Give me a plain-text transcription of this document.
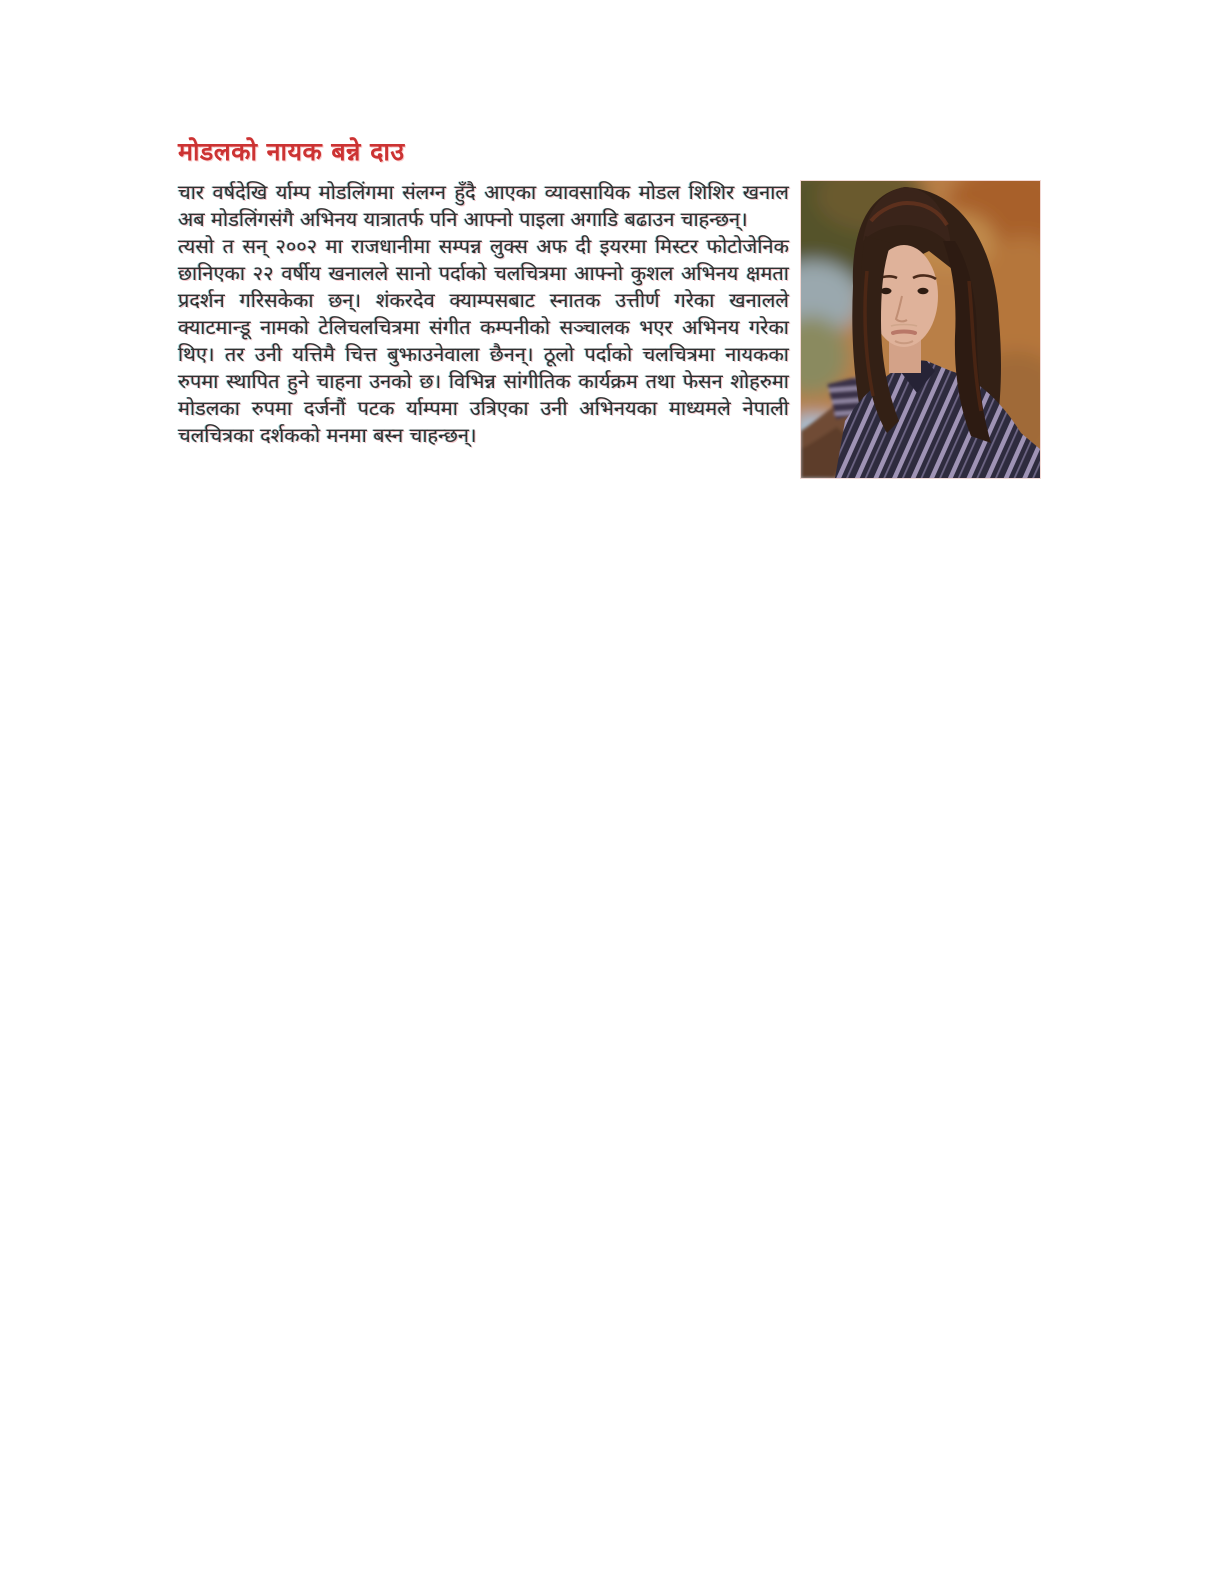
मोडलको नायक बन्ने दाउ

चार वर्षदेखि र्याम्प मोडलिंगमा संलग्न हुँदै आएका व्यावसायिक मोडल शिशिर खनाल अब मोडलिंगसंगै अभिनय यात्रातर्फ पनि आफ्नो पाइला अगाडि बढाउन चाहन्छन्।

त्यसो त सन् २००२ मा राजधानीमा सम्पन्न लुक्स अफ दी इयरमा मिस्टर फोटोजेनिक छानिएका २२ वर्षीय खनालले सानो पर्दाको चलचित्रमा आफ्नो कुशल अभिनय क्षमता प्रदर्शन गरिसकेका छन्। शंकरदेव क्याम्पसबाट स्नातक उत्तीर्ण गरेका खनालले क्याटमान्डू नामको टेलिचलचित्रमा संगीत कम्पनीको सञ्चालक भएर अभिनय गरेका थिए। तर उनी यत्तिमै चित्त बुझाउनेवाला छैनन्। ठूलो पर्दाको चलचित्रमा नायकका रुपमा स्थापित हुने चाहना उनको छ। विभिन्न सांगीतिक कार्यक्रम तथा फेसन शोहरुमा मोडलका रुपमा दर्जनौं पटक र्याम्पमा उत्रिएका उनी अभिनयका माध्यमले नेपाली चलचित्रका दर्शकको मनमा बस्न चाहन्छन्।
